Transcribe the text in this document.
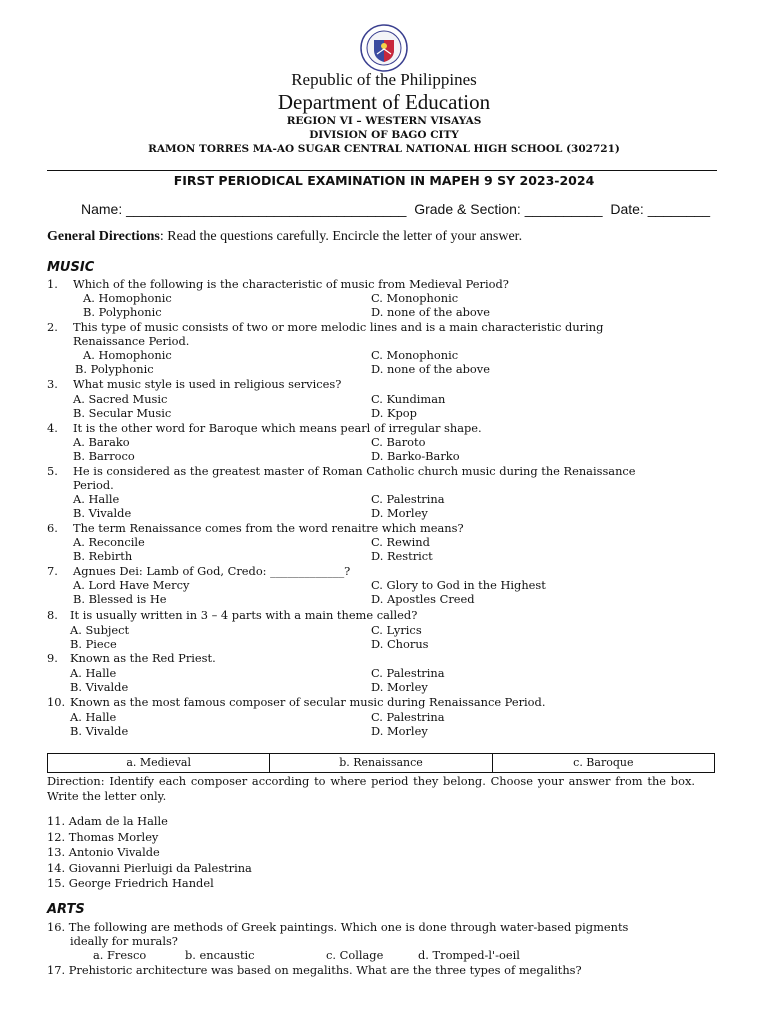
Republic of the Philippines
Department of Education
REGION VI – WESTERN VISAYAS
DIVISION OF BAGO CITY
RAMON TORRES MA-AO SUGAR CENTRAL NATIONAL HIGH SCHOOL (302721)
FIRST PERIODICAL EXAMINATION IN MAPEH 9 SY 2023-2024
Name: ____________________________________  Grade & Section: __________  Date: ________
General Directions: Read the questions carefully. Encircle the letter of your answer.
MUSIC
1. Which of the following is the characteristic of music from Medieval Period?
A. Homophonic	C. Monophonic
B. Polyphonic	D. none of the above
2. This type of music consists of two or more melodic lines and is a main characteristic during
Renaissance Period.
A. Homophonic	C. Monophonic
B. Polyphonic	D. none of the above
3. What music style is used in religious services?
A. Sacred Music	C. Kundiman
B. Secular Music	D. Kpop
4. It is the other word for Baroque which means pearl of irregular shape.
A. Barako	C. Baroto
B. Barroco	D. Barko-Barko
5. He is considered as the greatest master of Roman Catholic church music during the Renaissance
Period.
A. Halle	C. Palestrina
B. Vivalde	D. Morley
6. The term Renaissance comes from the word renaitre which means?
A. Reconcile	C. Rewind
B. Rebirth	D. Restrict
7. Agnues Dei: Lamb of God, Credo: _____________?
A. Lord Have Mercy	C. Glory to God in the Highest
B. Blessed is He	D. Apostles Creed
8. It is usually written in 3 – 4 parts with a main theme called?
A. Subject	C. Lyrics
B. Piece	D. Chorus
9. Known as the Red Priest.
A. Halle	C. Palestrina
B. Vivalde	D. Morley
10. Known as the most famous composer of secular music during Renaissance Period.
A. Halle	C. Palestrina
B. Vivalde	D. Morley
a. Medieval	b. Renaissance	c. Baroque
Direction: Identify each composer according to where period they belong. Choose your answer from the box. Write the letter only.
11. Adam de la Halle
12. Thomas Morley
13. Antonio Vivalde
14. Giovanni Pierluigi da Palestrina
15. George Friedrich Handel
ARTS
16. The following are methods of Greek paintings. Which one is done through water-based pigments
ideally for murals?
a. Fresco	b. encaustic	c. Collage	d. Tromped-l'-oeil
17. Prehistoric architecture was based on megaliths. What are the three types of megaliths?
